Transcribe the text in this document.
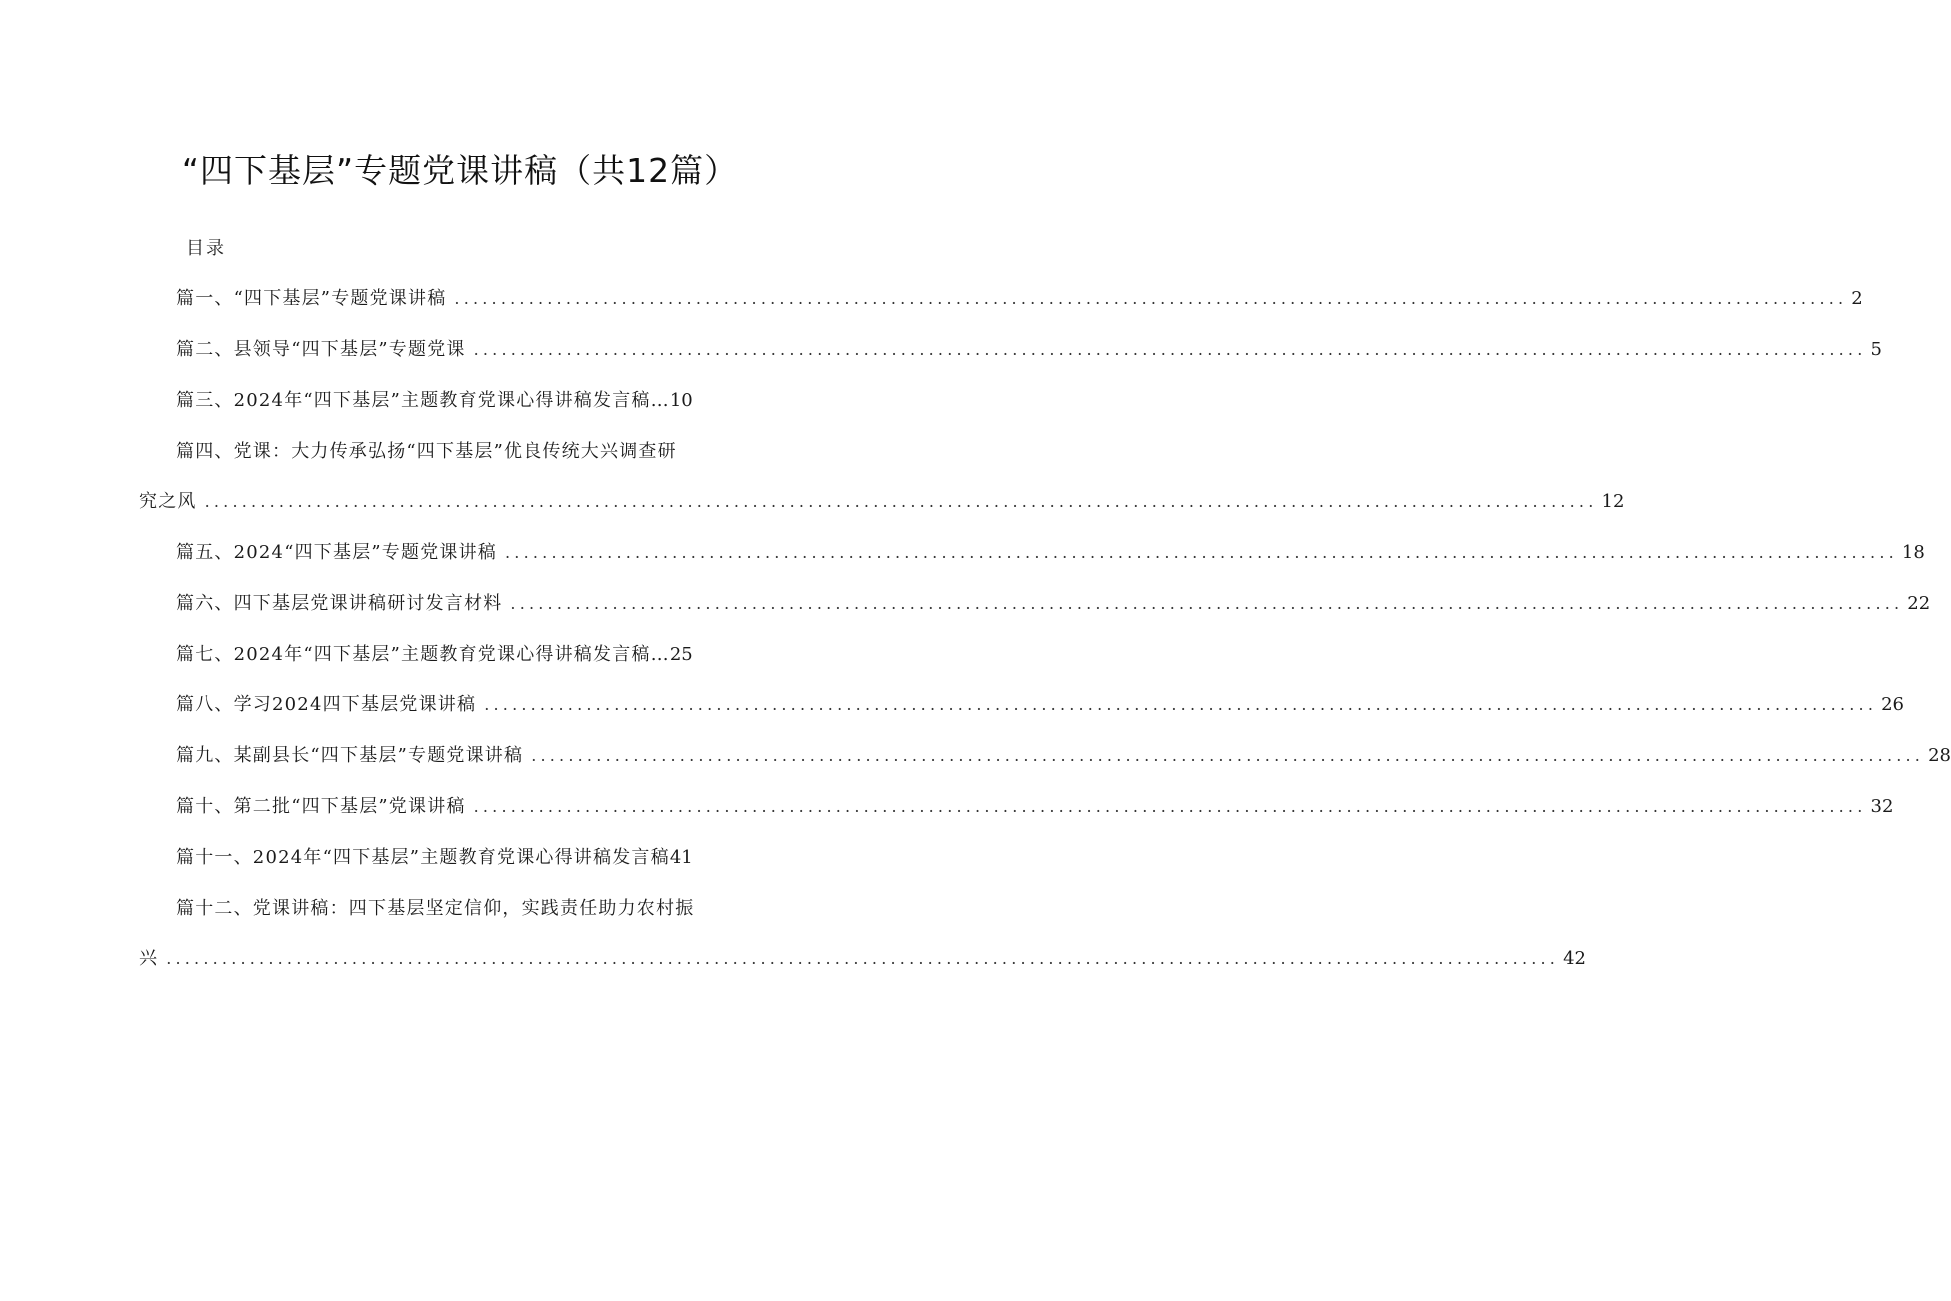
“四下基层”专题党课讲稿（共12篇）
目录
篇一、“四下基层”专题党课讲稿 ...................................................................................................................................................... 2
篇二、县领导“四下基层”专题党课 ...................................................................................................................................................... 5
篇三、2024年“四下基层”主题教育党课心得讲稿发言稿… 10
篇四、党课：大力传承弘扬“四下基层”优良传统大兴调查研
究之风 ...................................................................................................................................................... 12
篇五、2024“四下基层”专题党课讲稿 ...................................................................................................................................................... 18
篇六、四下基层党课讲稿研讨发言材料 ...................................................................................................................................................... 22
篇七、2024年“四下基层”主题教育党课心得讲稿发言稿… 25
篇八、学习2024四下基层党课讲稿 ...................................................................................................................................................... 26
篇九、某副县长“四下基层”专题党课讲稿 ...................................................................................................................................................... 28
篇十、第二批“四下基层”党课讲稿 ...................................................................................................................................................... 32
篇十一、2024年“四下基层”主题教育党课心得讲稿发言稿 41
篇十二、党课讲稿：四下基层坚定信仰，实践责任助力农村振
兴 ...................................................................................................................................................... 42
